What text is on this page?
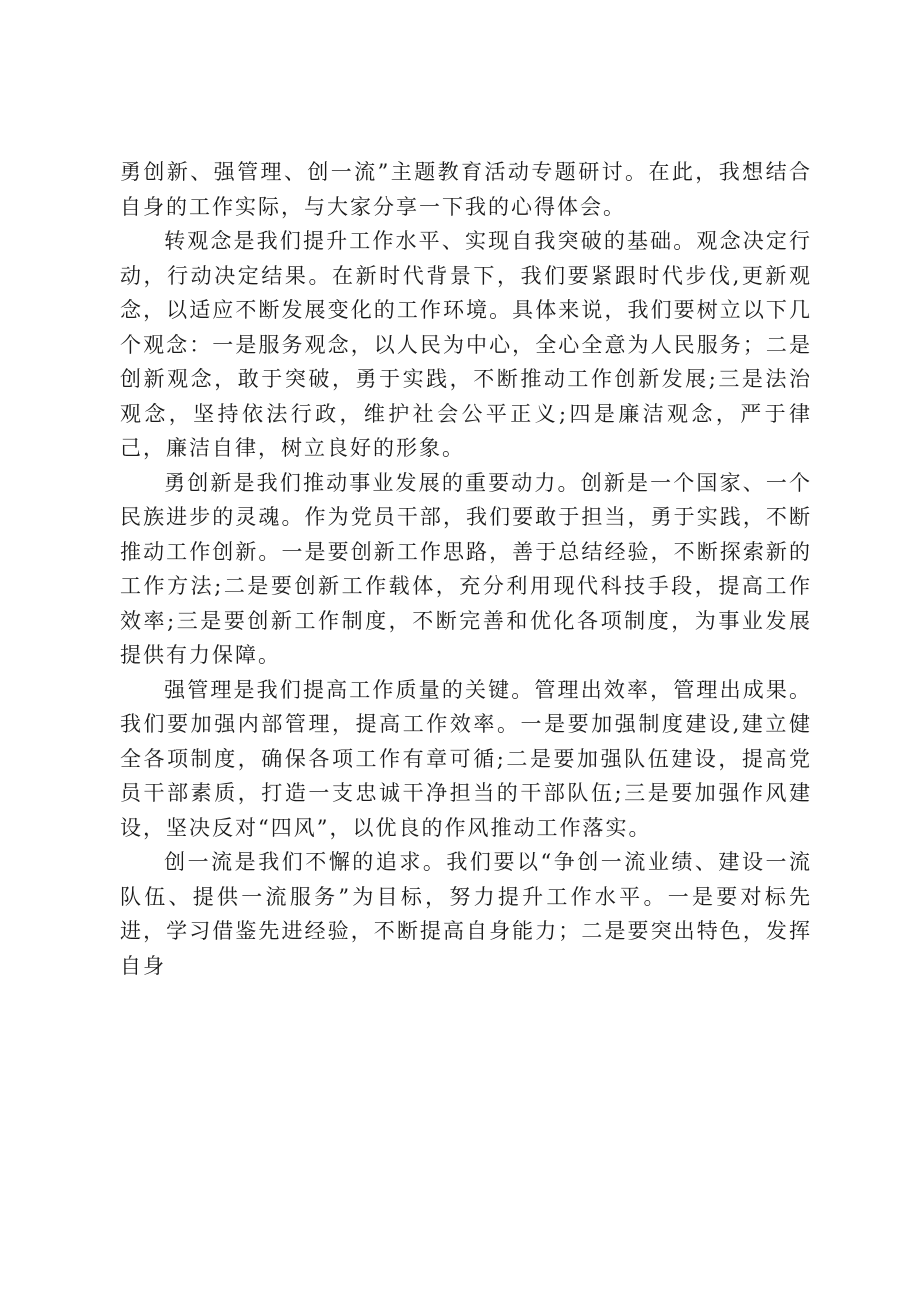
勇创新、强管理、创一流”主题教育活动专题研讨。在此，我想结合自身的工作实际，与大家分享一下我的心得体会。

转观念是我们提升工作水平、实现自我突破的基础。观念决定行动，行动决定结果。在新时代背景下，我们要紧跟时代步伐,更新观念，以适应不断发展变化的工作环境。具体来说，我们要树立以下几个观念：一是服务观念，以人民为中心，全心全意为人民服务；二是创新观念，敢于突破，勇于实践，不断推动工作创新发展;三是法治观念，坚持依法行政，维护社会公平正义;四是廉洁观念，严于律己，廉洁自律，树立良好的形象。

勇创新是我们推动事业发展的重要动力。创新是一个国家、一个民族进步的灵魂。作为党员干部，我们要敢于担当，勇于实践，不断推动工作创新。一是要创新工作思路，善于总结经验，不断探索新的工作方法;二是要创新工作载体，充分利用现代科技手段，提高工作效率;三是要创新工作制度，不断完善和优化各项制度，为事业发展提供有力保障。

强管理是我们提高工作质量的关键。管理出效率，管理出成果。我们要加强内部管理，提高工作效率。一是要加强制度建设,建立健全各项制度，确保各项工作有章可循;二是要加强队伍建设，提高党员干部素质，打造一支忠诚干净担当的干部队伍;三是要加强作风建设，坚决反对“四风”，以优良的作风推动工作落实。

创一流是我们不懈的追求。我们要以“争创一流业绩、建设一流队伍、提供一流服务”为目标，努力提升工作水平。一是要对标先进，学习借鉴先进经验，不断提高自身能力；二是要突出特色，发挥自身
